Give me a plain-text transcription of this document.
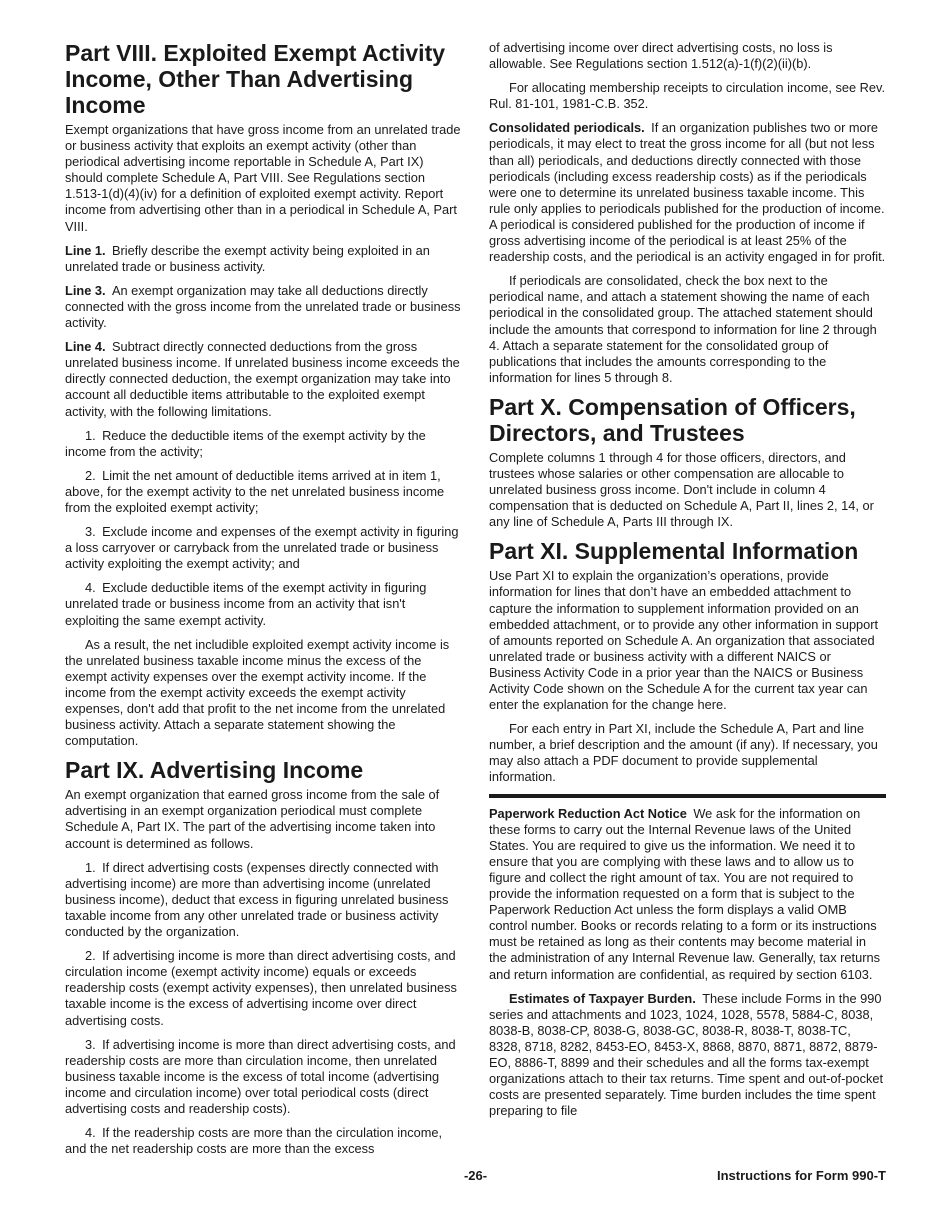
Part VIII. Exploited Exempt Activity Income, Other Than Advertising Income

Exempt organizations that have gross income from an unrelated trade or business activity that exploits an exempt activity (other than periodical advertising income reportable in Schedule A, Part IX) should complete Schedule A, Part VIII. See Regulations section 1.513-1(d)(4)(iv) for a definition of exploited exempt activity. Report income from advertising other than in a periodical in Schedule A, Part VIII.

Line 1.  Briefly describe the exempt activity being exploited in an unrelated trade or business activity.

Line 3.  An exempt organization may take all deductions directly connected with the gross income from the unrelated trade or business activity.

Line 4.  Subtract directly connected deductions from the gross unrelated business income. If unrelated business income exceeds the directly connected deduction, the exempt organization may take into account all deductible items attributable to the exploited exempt activity, with the following limitations.

1. Reduce the deductible items of the exempt activity by the income from the activity;

2. Limit the net amount of deductible items arrived at in item 1, above, for the exempt activity to the net unrelated business income from the exploited exempt activity;

3. Exclude income and expenses of the exempt activity in figuring a loss carryover or carryback from the unrelated trade or business activity exploiting the exempt activity; and

4. Exclude deductible items of the exempt activity in figuring unrelated trade or business income from an activity that isn't exploiting the same exempt activity.

As a result, the net includible exploited exempt activity income is the unrelated business taxable income minus the excess of the exempt activity expenses over the exempt activity income. If the income from the exempt activity exceeds the exempt activity expenses, don't add that profit to the net income from the unrelated business activity. Attach a separate statement showing the computation.

Part IX. Advertising Income

An exempt organization that earned gross income from the sale of advertising in an exempt organization periodical must complete Schedule A, Part IX. The part of the advertising income taken into account is determined as follows.

1. If direct advertising costs (expenses directly connected with advertising income) are more than advertising income (unrelated business income), deduct that excess in figuring unrelated business taxable income from any other unrelated trade or business activity conducted by the organization.

2. If advertising income is more than direct advertising costs, and circulation income (exempt activity income) equals or exceeds readership costs (exempt activity expenses), then unrelated business taxable income is the excess of advertising income over direct advertising costs.

3. If advertising income is more than direct advertising costs, and readership costs are more than circulation income, then unrelated business taxable income is the excess of total income (advertising income and circulation income) over total periodical costs (direct advertising costs and readership costs).

4. If the readership costs are more than the circulation income, and the net readership costs are more than the excess

of advertising income over direct advertising costs, no loss is allowable. See Regulations section 1.512(a)-1(f)(2)(ii)(b).

For allocating membership receipts to circulation income, see Rev. Rul. 81-101, 1981-C.B. 352.

Consolidated periodicals.  If an organization publishes two or more periodicals, it may elect to treat the gross income for all (but not less than all) periodicals, and deductions directly connected with those periodicals (including excess readership costs) as if the periodicals were one to determine its unrelated business taxable income. This rule only applies to periodicals published for the production of income. A periodical is considered published for the production of income if gross advertising income of the periodical is at least 25% of the readership costs, and the periodical is an activity engaged in for profit.

If periodicals are consolidated, check the box next to the periodical name, and attach a statement showing the name of each periodical in the consolidated group. The attached statement should include the amounts that correspond to information for line 2 through 4. Attach a separate statement for the consolidated group of publications that includes the amounts corresponding to the information for lines 5 through 8.

Part X. Compensation of Officers, Directors, and Trustees

Complete columns 1 through 4 for those officers, directors, and trustees whose salaries or other compensation are allocable to unrelated business gross income. Don't include in column 4 compensation that is deducted on Schedule A, Part II, lines 2, 14, or any line of Schedule A, Parts III through IX.

Part XI. Supplemental Information

Use Part XI to explain the organization’s operations, provide information for lines that don’t have an embedded attachment to capture the information to supplement information provided on an embedded attachment, or to provide any other information in support of amounts reported on Schedule A. An organization that associated unrelated trade or business activity with a different NAICS or Business Activity Code in a prior year than the NAICS or Business Activity Code shown on the Schedule A for the current tax year can enter the explanation for the change here.

For each entry in Part XI, include the Schedule A, Part and line number, a brief description and the amount (if any). If necessary, you may also attach a PDF document to provide supplemental information.

Paperwork Reduction Act Notice  We ask for the information on these forms to carry out the Internal Revenue laws of the United States. You are required to give us the information. We need it to ensure that you are complying with these laws and to allow us to figure and collect the right amount of tax. You are not required to provide the information requested on a form that is subject to the Paperwork Reduction Act unless the form displays a valid OMB control number. Books or records relating to a form or its instructions must be retained as long as their contents may become material in the administration of any Internal Revenue law. Generally, tax returns and return information are confidential, as required by section 6103.

Estimates of Taxpayer Burden.  These include Forms in the 990 series and attachments and 1023, 1024, 1028, 5578, 5884-C, 8038, 8038-B, 8038-CP, 8038-G, 8038-GC, 8038-R, 8038-T, 8038-TC, 8328, 8718, 8282, 8453-EO, 8453-X, 8868, 8870, 8871, 8872, 8879-EO, 8886-T, 8899 and their schedules and all the forms tax-exempt organizations attach to their tax returns. Time spent and out-of-pocket costs are presented separately. Time burden includes the time spent preparing to file

-26-	Instructions for Form 990-T
